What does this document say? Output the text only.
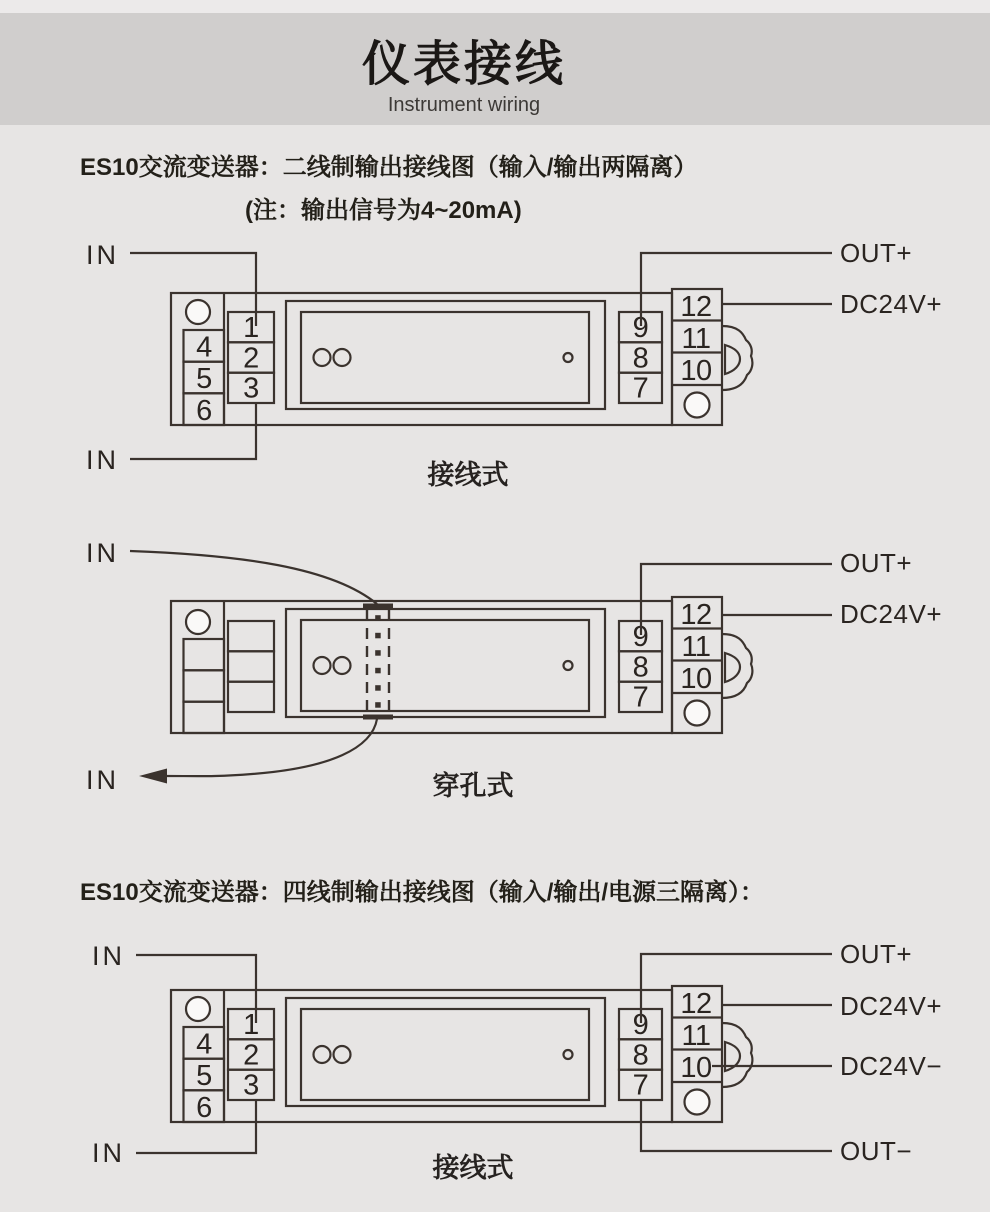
仪表接线
Instrument wiring
ES10交流变送器：二线制输出接线图（输入/输出两隔离）
(注：输出信号为4~20mA)
ES10交流变送器：四线制输出接线图（输入/输出/电源三隔离）：
IN
IN
4
5
6
1
2
3
9
8
7
12
11
10
OUT+
DC24V+
接线式
IN
9
8
7
12
11
10
OUT+
DC24V+
IN	穿孔式
IN
IN
4
5
6
1
2
3
9
8
7
12
11
10
OUT+
DC24V+
DC24V−
OUT−
接线式
